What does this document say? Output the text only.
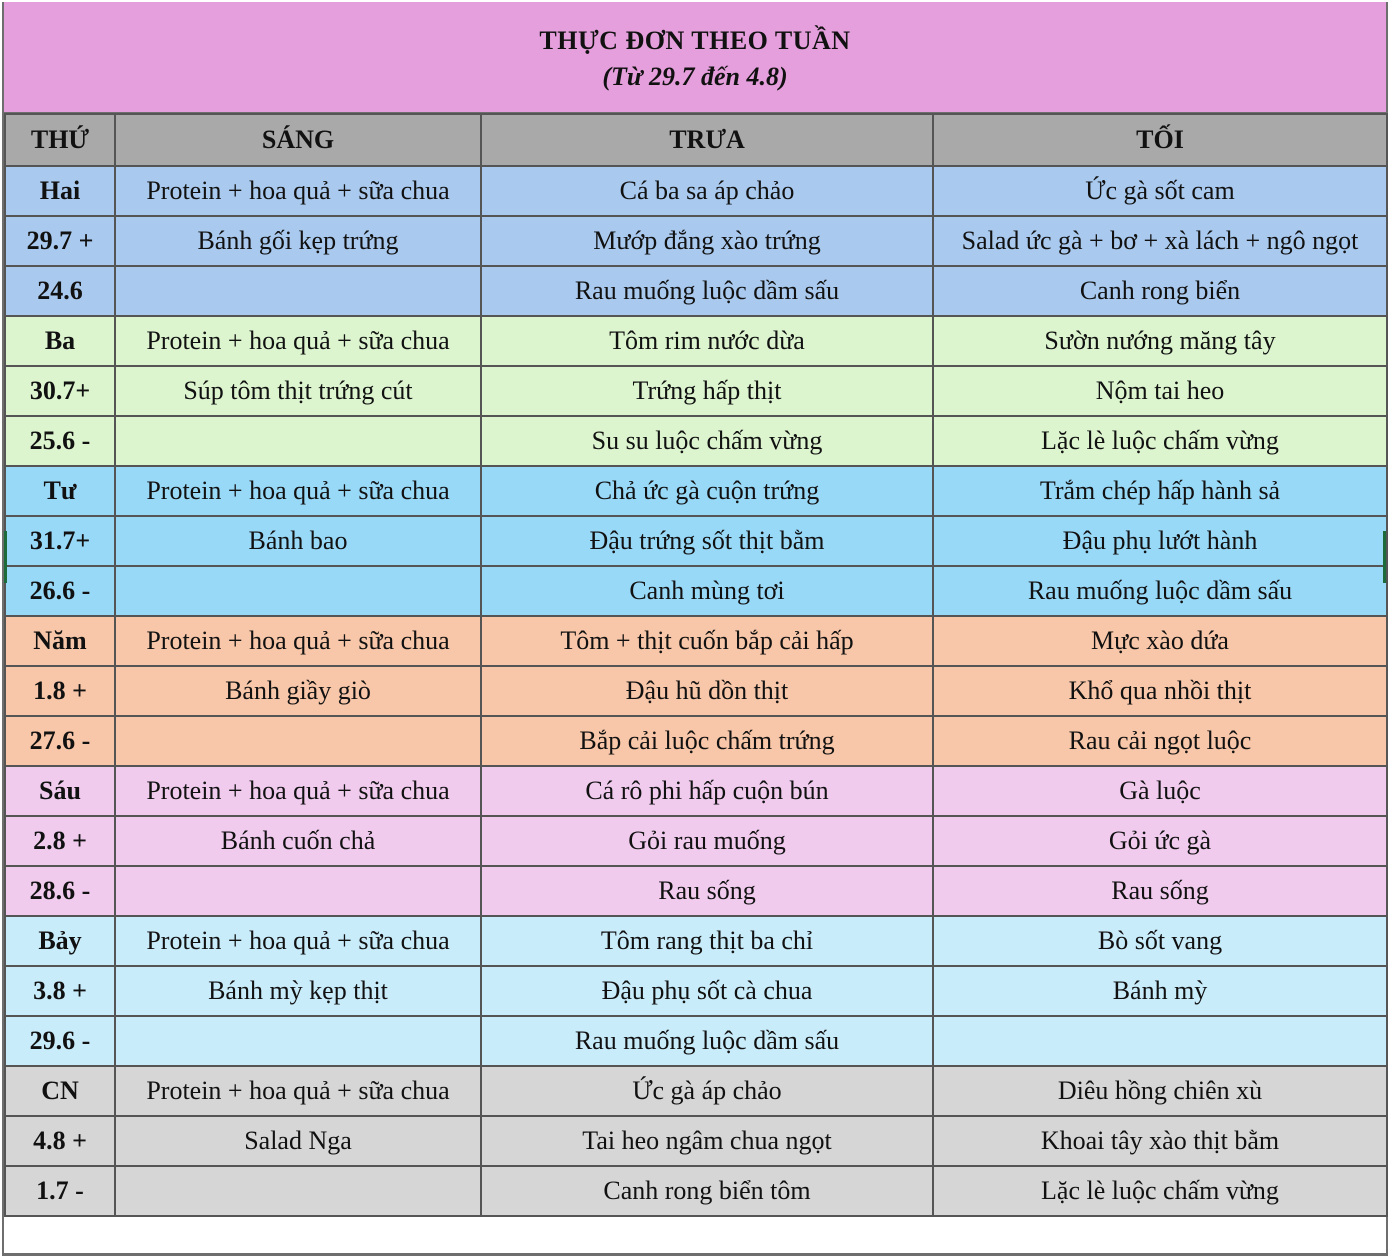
THỰC ĐƠN THEO TUẦN
(Từ 29.7 đến 4.8)
THỨ	SÁNG	TRƯA	TỐI
Hai	Protein + hoa quả + sữa chua	Cá ba sa áp chảo	Ức gà sốt cam
29.7 +	Bánh gối kẹp trứng	Mướp đắng xào trứng	Salad ức gà + bơ + xà lách + ngô ngọt
24.6		Rau muống luộc dầm sấu	Canh rong biển
Ba	Protein + hoa quả + sữa chua	Tôm rim nước dừa	Sườn nướng măng tây
30.7+	Súp tôm thịt trứng cút	Trứng hấp thịt	Nộm tai heo
25.6 -		Su su luộc chấm vừng	Lặc lè luộc chấm vừng
Tư	Protein + hoa quả + sữa chua	Chả ức gà cuộn trứng	Trắm chép hấp hành sả
31.7+	Bánh bao	Đậu trứng sốt thịt bằm	Đậu phụ lướt hành
26.6 -		Canh mùng tơi	Rau muống luộc dầm sấu
Năm	Protein + hoa quả + sữa chua	Tôm + thịt cuốn bắp cải hấp	Mực xào dứa
1.8 +	Bánh giầy giò	Đậu hũ dồn thịt	Khổ qua nhồi thịt
27.6 -		Bắp cải luộc chấm trứng	Rau cải ngọt luộc
Sáu	Protein + hoa quả + sữa chua	Cá rô phi hấp cuộn bún	Gà luộc
2.8 +	Bánh cuốn chả	Gỏi rau muống	Gỏi ức gà
28.6 -		Rau sống	Rau sống
Bảy	Protein + hoa quả + sữa chua	Tôm rang thịt ba chỉ	Bò sốt vang
3.8 +	Bánh mỳ kẹp thịt	Đậu phụ sốt cà chua	Bánh mỳ
29.6 -		Rau muống luộc dầm sấu	
CN	Protein + hoa quả + sữa chua	Ức gà áp chảo	Diêu hồng chiên xù
4.8 +	Salad Nga	Tai heo ngâm chua ngọt	Khoai tây xào thịt bằm
1.7 -		Canh rong biển tôm	Lặc lè luộc chấm vừng
